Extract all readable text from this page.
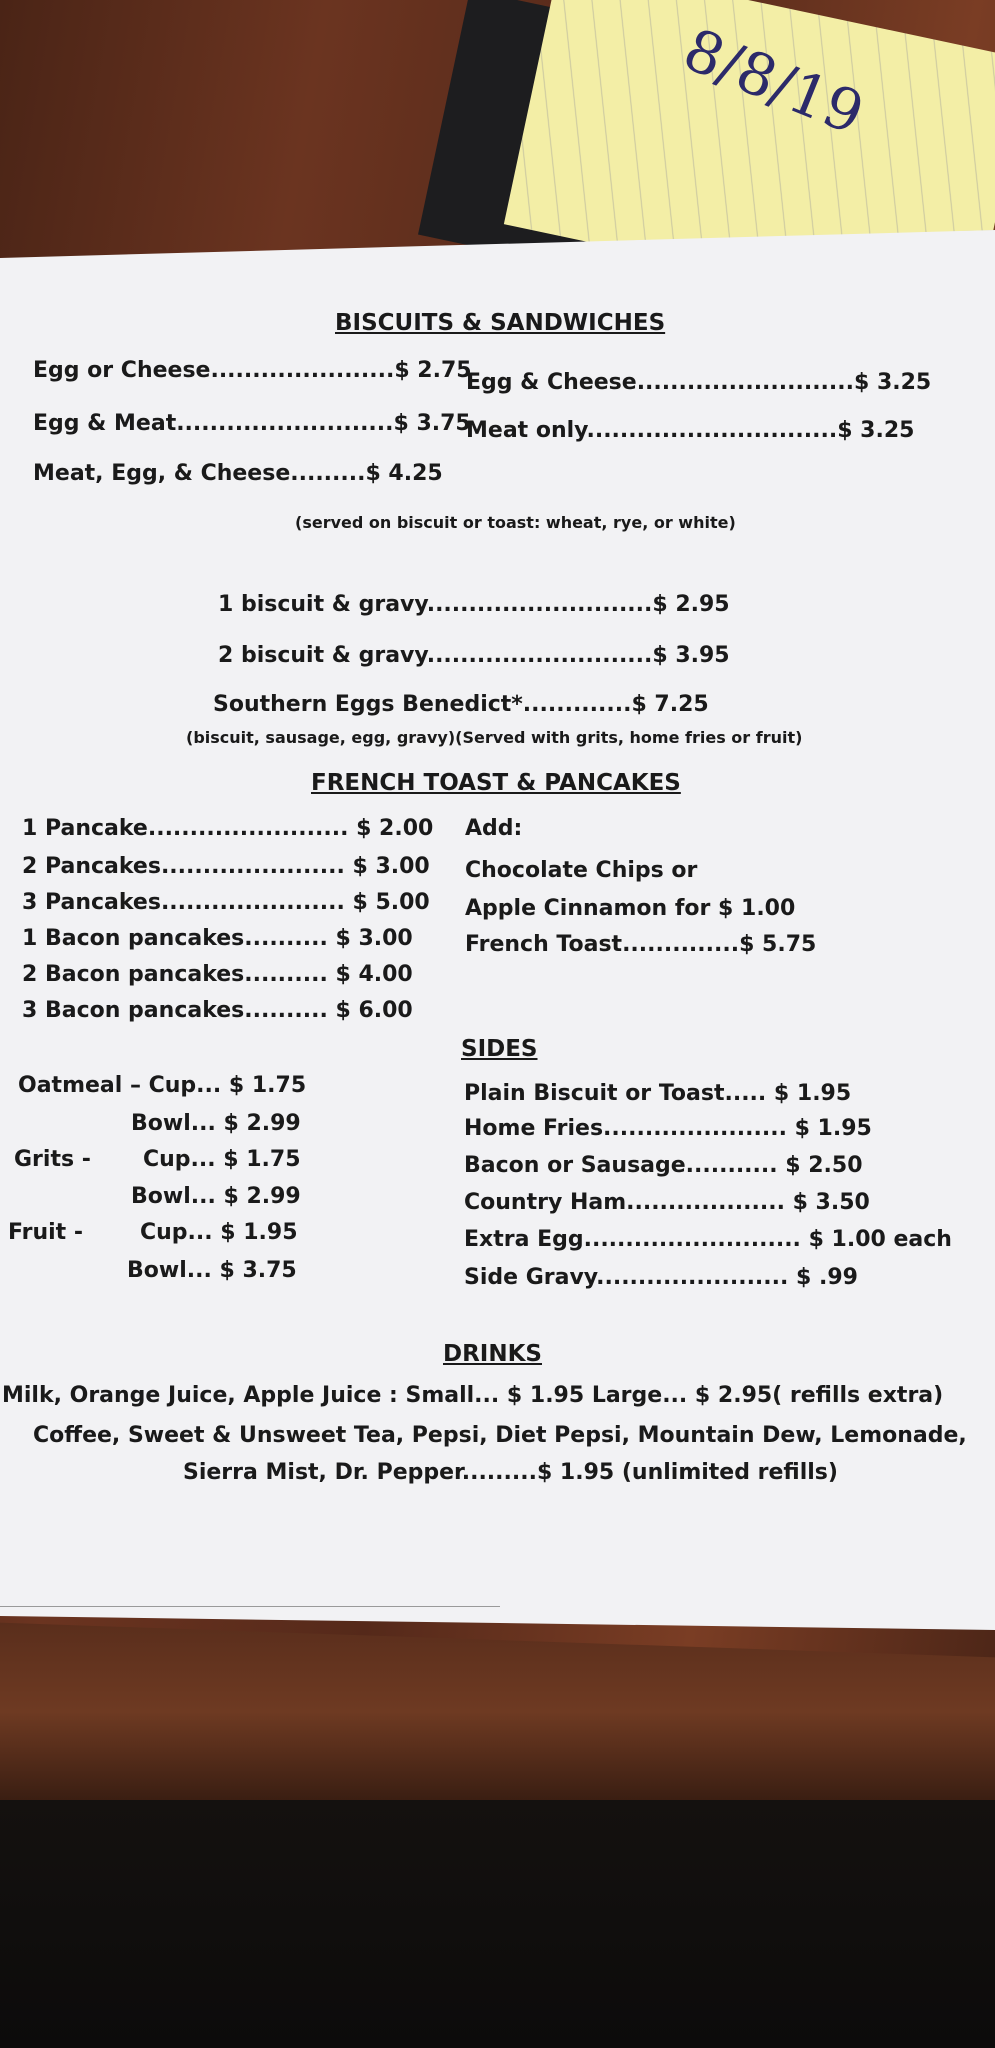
8/8/19
BISCUITS & SANDWICHES
Egg or Cheese......................$ 2.75
Egg & Cheese..........................$ 3.25
Egg & Meat..........................$ 3.75
Meat only..............................$ 3.25
Meat, Egg, & Cheese.........$ 4.25
(served on biscuit or toast: wheat, rye, or white)
1 biscuit & gravy...........................$ 2.95
2 biscuit & gravy...........................$ 3.95
Southern Eggs Benedict*.............$ 7.25
(biscuit, sausage, egg, gravy)(Served with grits, home fries or fruit)
FRENCH TOAST & PANCAKES
1 Pancake........................ $ 2.00
2 Pancakes...................... $ 3.00
3 Pancakes...................... $ 5.00
1 Bacon pancakes.......... $ 3.00
2 Bacon pancakes.......... $ 4.00
3 Bacon pancakes.......... $ 6.00
Add:
Chocolate Chips or
Apple Cinnamon for $ 1.00
French Toast..............$ 5.75
Oatmeal – Cup... $ 1.75
Bowl... $ 2.99
Grits - Cup... $ 1.75
Bowl... $ 2.99
Fruit -	Cup... $ 1.95
Bowl... $ 3.75
SIDES
Plain Biscuit or Toast..... $ 1.95
Home Fries...................... $ 1.95
Bacon or Sausage........... $ 2.50
Country Ham................... $ 3.50
Extra Egg.......................... $ 1.00 each
Side Gravy....................... $ .99
DRINKS
Milk, Orange Juice, Apple Juice : Small... $ 1.95 Large... $ 2.95( refills extra)
Coffee, Sweet & Unsweet Tea, Pepsi, Diet Pepsi, Mountain Dew, Lemonade,
Sierra Mist, Dr. Pepper.........$ 1.95 (unlimited refills)
